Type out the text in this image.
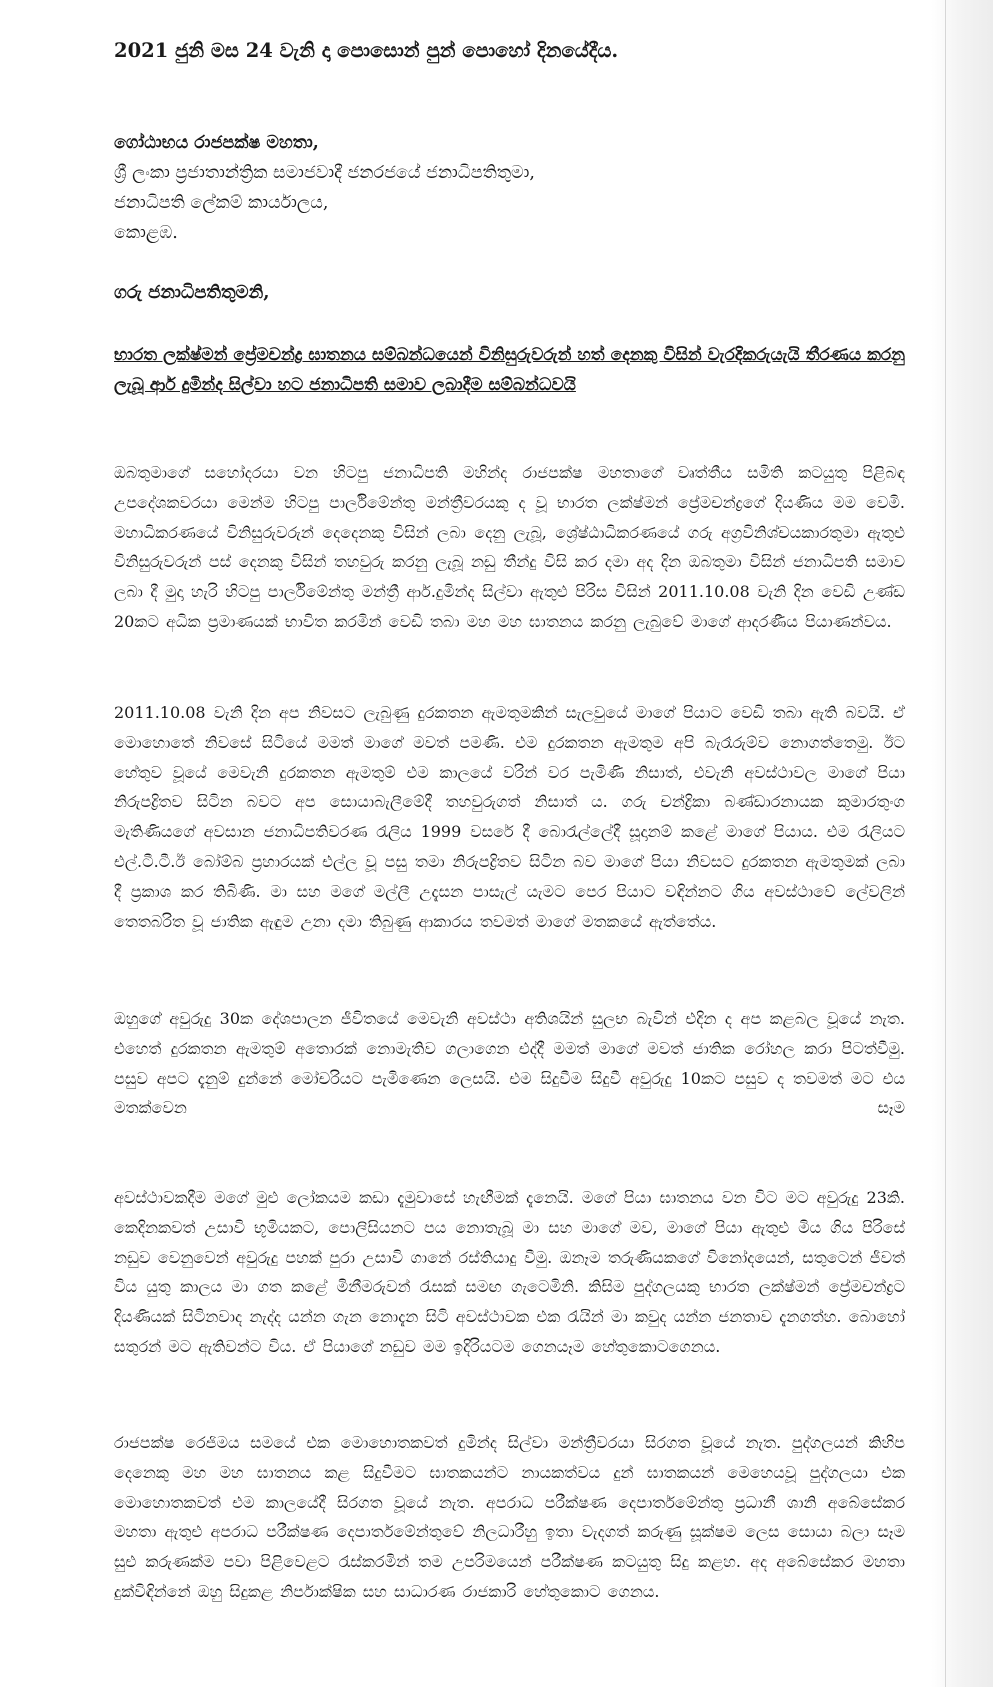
2021 ජුනි මස 24 වැනි දා පොසොන් පුන් පොහෝ දිනයේදීය.
ගෝඨාභය රාජපක්ෂ මහතා,
ශ්‍රී ලංකා ප්‍රජාතාන්ත්‍රික සමාජවාදී ජනරජයේ ජනාධිපතිතුමා,
ජනාධිපති ලේකම් කාර්යාලය,
කොළඹ.
ගරු ජනාධිපතිතුමනි,
භාරත ලක්ෂ්මන් ප්‍රේමචන්ද්‍ර ඝාතනය සම්බන්ධයෙන් විනිසුරුවරුන් හත් දෙනකු විසින් වැරදිකරුයැයි තීරණය කරනු ලැබූ ආර් දුමින්ද සිල්වා හට ජනාධිපති සමාව ලබාදීම සම්බන්ධවයි
ඔබතුමාගේ සහෝදරයා වන හිටපු ජනාධිපති මහින්ද රාජපක්ෂ මහතාගේ වෘත්තීය සමිති කටයුතු පිළිබඳ උපදේශකවරයා මෙන්ම හිටපු පාර්ලිමේන්තු මන්ත්‍රීවරයකු ද වූ භාරත ලක්ෂ්මන් ප්‍රේමචන්ද්‍රගේ දියණිය මම වෙමි. මහාධිකරණයේ විනිසුරුවරුන් දෙදෙනකු විසින් ලබා දෙනු ලැබූ, ශ්‍රේෂ්ඨාධිකරණයේ ගරු අග්‍රවිනිශ්චයකාරතුමා ඇතුළු විනිසුරුවරුන් පස් දෙනකු විසින් තහවුරු කරනු ලැබූ නඩු තීන්දු විසි කර දමා අද දින ඔබතුමා විසින් ජනාධිපති සමාව ලබා දී මුදා හැරි හිටපු පාර්ලිමේන්තු මන්ත්‍රී ආර්.දුමින්ද සිල්වා ඇතුළු පිරිස විසින් 2011.10.08 වැනි දින වෙඩි උණ්ඩ 20කට අධික ප්‍රමාණයක් භාවිත කරමින් වෙඩි තබා මහ මහ ඝාතනය කරනු ලැබුවේ මාගේ ආදරණීය පියාණන්වය.
2011.10.08 වැනි දින අප නිවසට ලැබුණු දුරකතන ඇමතුමකින් සැලවුයේ මාගේ පියාට වෙඩි තබා ඇති බවයි. ඒ මොහොතේ නිවසේ සිටියේ මමත් මාගේ මවත් පමණි. එම දුරකතන ඇමතුම අපි බැරෑරුම්ව නොගත්තෙමු. ඊට හේතුව වූයේ මෙවැනි දුරකතන ඇමතුම් එම කාලයේ වරින් වර පැමිණි නිසාත්, එවැනි අවස්ථාවල මාගේ පියා නිරුපද්‍රිතව සිටින බවට අප සොයාබැලීමේදී තහවුරුගත් නිසාත් ය. ගරු චන්ද්‍රිකා බණ්ඩාරනායක කුමාරතුංග මැතිණියගේ අවසාන ජනාධිපතිවරණ රැලිය 1999 වසරේ දී බොරැල්ලේදී සූදානම් කළේ මාගේ පියාය. එම රැලියට එල්.ටී.ටී.ඊ බෝම්බ ප්‍රහාරයක් එල්ල වූ පසු තමා නිරුපද්‍රිතව සිටින බව මාගේ පියා නිවසට දුරකතන ඇමතුමක් ලබා දී ප්‍රකාශ කර තිබිණි. මා සහ මගේ මල්ලී උදැසන පාසැල් යැමට පෙර පියාට වඳින්නට ගිය අවස්ථාවේ ලේවලින් තෙතබරිත වූ ජාතික ඇඳුම උනා දමා තිබුණු ආකාරය තවමත් මාගේ මතකයේ ඇත්තේය.
ඔහුගේ අවුරුදු 30ක දේශපාලන ජීවිතයේ මෙවැනි අවස්ථා අතිශයින් සුලභ බැවින් එදින ද අප කළබල වූයේ නැත. එහෙත් දුරකතන ඇමතුම් අතොරක් නොමැතිව ගලාගෙන එද්දී මමත් මාගේ මවත් ජාතික රෝහල කරා පිටත්වීමු. පසුව අපට දැනුම් දුන්නේ මෝචරියට පැමිණෙන ලෙසයි. එම සිදුවීම සිදුවී අවුරුදු 10කට පසුව ද තවමත් මට එය මතක්වෙන සෑම
අවස්ථාවකදීම මගේ මුළු ලෝකයම කඩා දැමුවාසේ හැඟීමක් දැනෙයි. මගේ පියා ඝාතනය වන විට මට අවුරුදු 23කි. කෙදිනකවත් උසාවි භූමියකට, පොලිසියනට පය නොතැබූ මා සහ මාගේ මව, මාගේ පියා ඇතුළු මිය ගිය පිරිසේ නඩුව වෙනුවෙන් අවුරුදු පහක් පුරා උසාවි ගානේ රස්තියාදු වීමු. ඔනෑම තරුණියකගේ විනෝදයෙන්, සතුටෙන් ජීවත් විය යුතු කාලය මා ගත කළේ මිනීමරුවන් රැසක් සමඟ ගැටෙමිනි. කිසිම පුද්ගලයකු භාරත ලක්ෂ්මන් ප්‍රේමචන්ද්‍රට දියණියක් සිටිනවාද නැද්ද යන්න ගැන නොදැන සිටි අවස්ථාවක එක රැයින් මා කවුද යන්න ජනතාව දැනගත්හ. බොහෝ සතුරන් මට ඇතිවන්ට විය. ඒ පියාගේ නඩුව මම ඉදිරියටම ගෙනයෑම හේතුකොටගෙනය.
රාජපක්ෂ රෙජිමය සමයේ එක මොහොතකවත් දුමින්ද සිල්වා මන්ත්‍රීවරයා සිරගත වූයේ නැත. පුද්ගලයන් කිහිප දෙනෙකු මහ මහ ඝාතනය කළ සිදුවීමට ඝාතකයන්ට නායකත්වය දුන් ඝාතකයන් මෙහෙයවූ පුද්ගලයා එක මොහොතකවත් එම කාලයේදී සිරගත වූයේ නැත. අපරාධ පරීක්ෂණ දෙපාර්තමේන්තු ප්‍රධානී ශානි අබේසේකර මහතා ඇතුළු අපරාධ පරීක්ෂණ දෙපාර්තමේන්තුවේ නිලධාරීහු ඉතා වැදගත් කරුණු සූක්ෂම ලෙස සොයා බලා සෑම සුළු කරුණක්ම පවා පිළිවෙළට රැස්කරමින් තම උපරිමයෙන් පරීක්ෂණ කටයුතු සිදු කළහ. අද අබේසේකර මහතා දුක්විඳින්නේ ඔහු සිදුකළ නිර්පාක්ෂික සහ සාධාරණ රාජකාරි හේතුකොට ගෙනය.
